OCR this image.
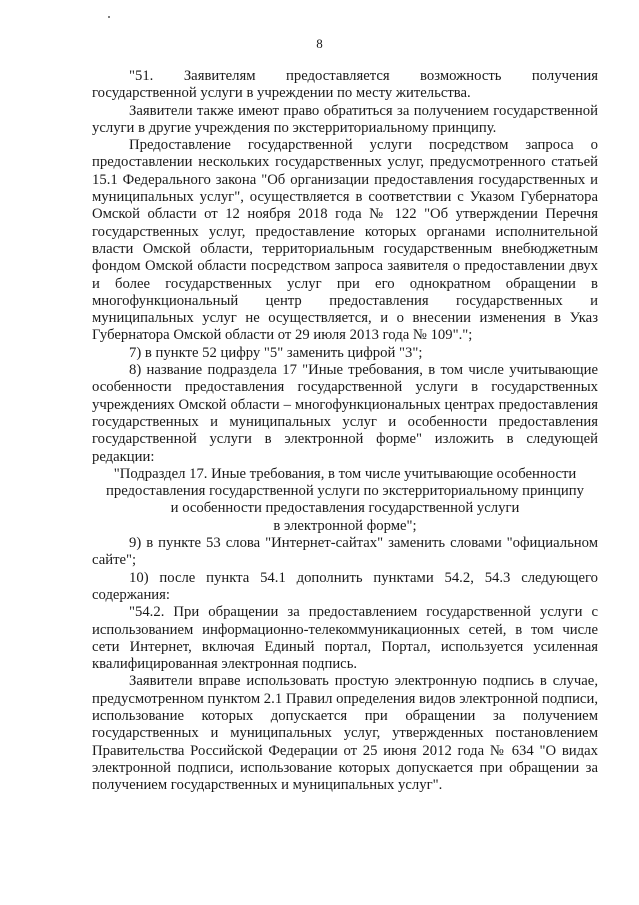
8

"51. Заявителям предоставляется возможность получения государственной услуги в учреждении по месту жительства.

Заявители также имеют право обратиться за получением государственной услуги в другие учреждения по экстерриториальному принципу.

Предоставление государственной услуги посредством запроса о предоставлении нескольких государственных услуг, предусмотренного статьей 15.1 Федерального закона "Об организации предоставления государственных и муниципальных услуг", осуществляется в соответствии с Указом Губернатора Омской области от 12 ноября 2018 года № 122 "Об утверждении Перечня государственных услуг, предоставление которых органами исполнительной власти Омской области, территориальным государственным внебюджетным фондом Омской области посредством запроса заявителя о предоставлении двух и более государственных услуг при его однократном обращении в многофункциональный центр предоставления государственных и муниципальных услуг не осуществляется, и о внесении изменения в Указ Губернатора Омской области от 29 июля 2013 года № 109".";

7) в пункте 52 цифру "5" заменить цифрой "3";

8) название подраздела 17 "Иные требования, в том числе учитывающие особенности предоставления государственной услуги в государственных учреждениях Омской области – многофункциональных центрах предоставления государственных и муниципальных услуг и особенности предоставления государственной услуги в электронной форме" изложить в следующей редакции:

"Подраздел 17. Иные требования, в том числе учитывающие особенности
предоставления государственной услуги по экстерриториальному принципу
и особенности предоставления государственной услуги
в электронной форме";

9) в пункте 53 слова "Интернет-сайтах" заменить словами "официальном сайте";

10) после пункта 54.1 дополнить пунктами 54.2, 54.3 следующего содержания:

"54.2. При обращении за предоставлением государственной услуги с использованием информационно-телекоммуникационных сетей, в том числе сети Интернет, включая Единый портал, Портал, используется усиленная квалифицированная электронная подпись.

Заявители вправе использовать простую электронную подпись в случае, предусмотренном пунктом 2.1 Правил определения видов электронной подписи, использование которых допускается при обращении за получением государственных и муниципальных услуг, утвержденных постановлением Правительства Российской Федерации от 25 июня 2012 года № 634 "О видах электронной подписи, использование которых допускается при обращении за получением государственных и муниципальных услуг".
